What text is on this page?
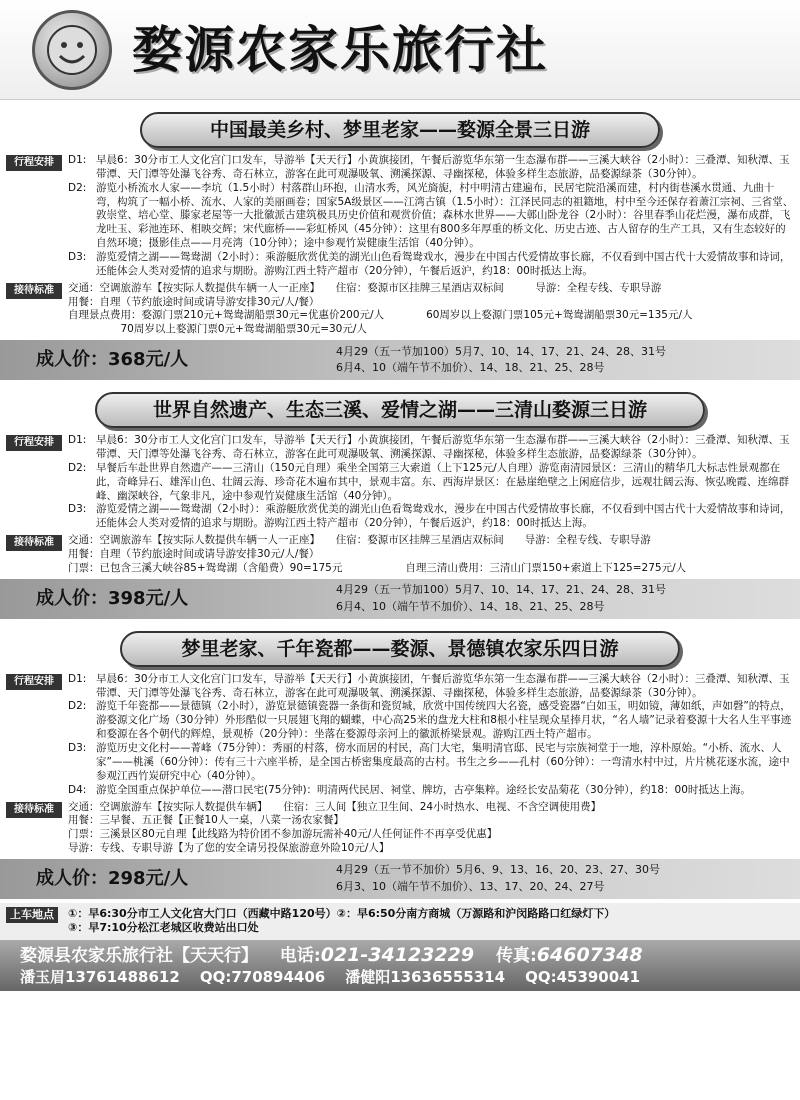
婺源农家乐旅行社
中国最美乡村、梦里老家——婺源全景三日游
行程安排	D1: 早晨6：30分市工人文化宫门口发车，导游举【天天行】小黄旗接团，午餐后游览华东第一生态瀑布群——三溪大峡谷（2小时）：三叠潭、知秋潭、玉带潭、天门潭等处瀑飞谷秀、奇石林立，游客在此可观瀑吸氧、溯溪探源、寻幽探秘，体验多样生态旅游，品婺源绿茶（30分钟）。
D2: 游览小桥流水人家——李坑（1.5小时）村落群山环抱，山清水秀，风光旖旎，村中明清古建遍布，民居宅院沿溪而建，村内街巷溪水贯通、九曲十弯，构筑了一幅小桥、流水、人家的美丽画卷；国家5A级景区——江湾古镇（1.5小时）：江泽民同志的祖籍地，村中至今还保存着萧江宗祠、三省堂、敦崇堂、培心堂、滕家老屋等一大批徽派古建筑极具历史价值和观赏价值；森林水世界——大鄣山卧龙谷（2小时）：谷里春季山花烂漫，瀑布成群，飞龙吐玉、彩池连环、相映交辉；宋代廊桥——彩虹桥风（45分钟）：这里有800多年厚重的桥文化、历史古迹、古人留存的生产工具，又有生态较好的自然环境；摄影佳点——月亮湾（10分钟）；途中参观竹炭健康生活馆（40分钟）。
D3: 游览爱情之湖——鸳鸯湖（2小时）：乘游艇欣赏优美的湖光山色看鸳鸯戏水，漫步在中国古代爱情故事长廊，不仅看到中国古代十大爱情故事和诗词，还能体会人类对爱情的追求与期盼。游购江西土特产超市（20分钟），午餐后返沪，约18：00时抵达上海。
接待标准	交通：空调旅游车【按实际人数提供车辆一人一正座】　　住宿：婺源市区挂牌三星酒店双标间　　　导游：全程专线、专职导游
用餐：自理（节约旅途时间或请导游安排30元/人/餐）
自理景点费用：婺源门票210元+鸳鸯湖船票30元=优惠价200元/人　　　　60周岁以上婺源门票105元+鸳鸯湖船票30元=135元/人
　　　　　70周岁以上婺源门票0元+鸳鸯湖船票30元=30元/人
成人价：368元/人	4月29（五一节加100）5月7、10、14、17、21、24、28、31号
6月4、10（端午节不加价）、14、18、21、25、28号
世界自然遗产、生态三溪、爱情之湖——三清山婺源三日游
行程安排	D1: 早晨6：30分市工人文化宫门口发车，导游举【天天行】小黄旗接团，午餐后游览华东第一生态瀑布群——三溪大峡谷（2小时）：三叠潭、知秋潭、玉带潭、天门潭等处瀑飞谷秀、奇石林立，游客在此可观瀑吸氧、溯溪探源、寻幽探秘，体验多样生态旅游，品婺源绿茶（30分钟）。
D2: 早餐后车赴世界自然遗产——三清山（150元自理）乘坐全国第三大索道（上下125元/人自理）游览南清园景区：三清山的精华几大标志性景观都在此，奇峰异石、雄浑山色、壮阔云海、珍奇花木遍布其中，景观丰富。东、西海岸景区：在悬崖绝壁之上闲庭信步，远观壮阔云海、恢弘晚霞、连绵群峰、幽深峡谷，气象非凡，途中参观竹炭健康生活馆（40分钟）。
D3: 游览爱情之湖——鸳鸯湖（2小时）：乘游艇欣赏优美的湖光山色看鸳鸯戏水，漫步在中国古代爱情故事长廊，不仅看到中国古代十大爱情故事和诗词，还能体会人类对爱情的追求与期盼。游购江西土特产超市（20分钟），午餐后返沪，约18：00时抵达上海。
接待标准	交通：空调旅游车【按实际人数提供车辆一人一正座】　　住宿：婺源市区挂牌三星酒店双标间　　导游：全程专线、专职导游
用餐：自理（节约旅途时间或请导游安排30元/人/餐）
门票：已包含三溪大峡谷85+鸳鸯湖（含船费）90=175元　　　　　　自理三清山费用：三清山门票150+索道上下125=275元/人
成人价：398元/人	4月29（五一节加100）5月7、10、14、17、21、24、28、31号
6月4、10（端午节不加价）、14、18、21、25、28号
梦里老家、千年瓷都——婺源、景德镇农家乐四日游
行程安排	D1: 早晨6：30分市工人文化宫门口发车，导游举【天天行】小黄旗接团，午餐后游览华东第一生态瀑布群——三溪大峡谷（2小时）：三叠潭、知秋潭、玉带潭、天门潭等处瀑飞谷秀、奇石林立，游客在此可观瀑吸氧、溯溪探源、寻幽探秘，体验多样生态旅游，品婺源绿茶（30分钟）。
D2: 游览千年瓷都——景德镇（2小时），游览景德镇瓷器一条街和瓷贸城，欣赏中国传统四大名瓷，感受瓷器“白如玉，明如镜，薄如纸，声如磬”的特点，游婺源文化广场（30分钟）外形酷似一只展翅飞翔的蝴蝶，中心高25米的盘龙大柱和8根小柱呈现众星捧月状，“名人墙”记录着婺源十大名人生平事迹和婺源在各个朝代的辉煌，景观桥（20分钟）：坐落在婺源母亲河上的徽派桥梁景观。游购江西土特产超市。
D3: 游览历史文化村——菁峰（75分钟）：秀丽的村落，傍水而居的村民，高门大宅，集明清官邸、民宅与宗族祠堂于一地，淳朴原始。“小桥、流水、人家”——桃溪（60分钟）：传有三十六座半桥，是全国古桥密集度最高的古村。书生之乡——孔村（60分钟）：一弯清水村中过，片片桃花逐水流，途中参观江西竹炭研究中心（40分钟）。
D4: 游览全国重点保护单位——潜口民宅(75分钟)：明清两代民居、祠堂、牌坊，古亭集粹。途经长安品菊花（30分钟），约18：00时抵达上海。
接待标准	交通：空调旅游车【按实际人数提供车辆】　　住宿：三人间【独立卫生间、24小时热水、电视、不含空调使用费】
用餐：三早餐、五正餐【正餐10人一桌，八菜一汤农家餐】
门票：三溪景区80元自理【此线路为特价团不参加游玩需补40元/人任何证件不再享受优惠】
导游：专线、专职导游【为了您的安全请另投保旅游意外险10元/人】
成人价：298元/人	4月29（五一节不加价）5月6、9、13、16、20、23、27、30号
6月3、10（端午节不加价）、13、17、20、24、27号
上车地点	①：早6:30分市工人文化宫大门口（西藏中路120号）②：早6:50分南方商城（万源路和沪闵路路口红绿灯下）
③：早7:10分松江老城区收费站出口处
婺源县农家乐旅行社【天天行】 电话:021-34123229 传真:64607348
潘玉眉13761488612 QQ:770894406 潘健阳13636555314 QQ:45390041
